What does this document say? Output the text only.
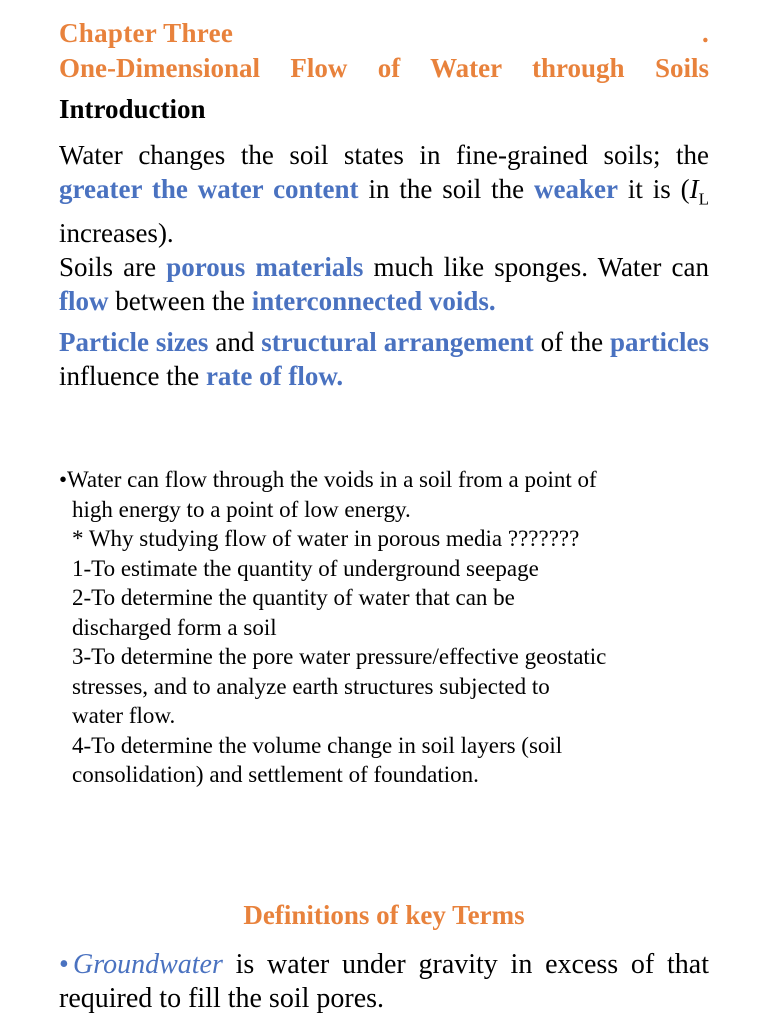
Chapter Three	.
One-Dimensional Flow of Water through Soils
Introduction
Water changes the soil states in fine-grained soils; the greater the water content in the soil the weaker it is ($I_L$ increases).
Soils are porous materials much like sponges. Water can flow between the interconnected voids.
Particle sizes and structural arrangement of the particles influence the rate of flow.
•Water can flow through the voids in a soil from a point of
high energy to a point of low energy.
* Why studying flow of water in porous media ???????
1-To estimate the quantity of underground seepage
2-To determine the quantity of water that can be
discharged form a soil
3-To determine the pore water pressure/effective geostatic
stresses, and to analyze earth structures subjected to
water flow.
4-To determine the volume change in soil layers (soil
consolidation) and settlement of foundation.
Definitions of key Terms
• Groundwater is water under gravity in excess of that required to fill the soil pores.
